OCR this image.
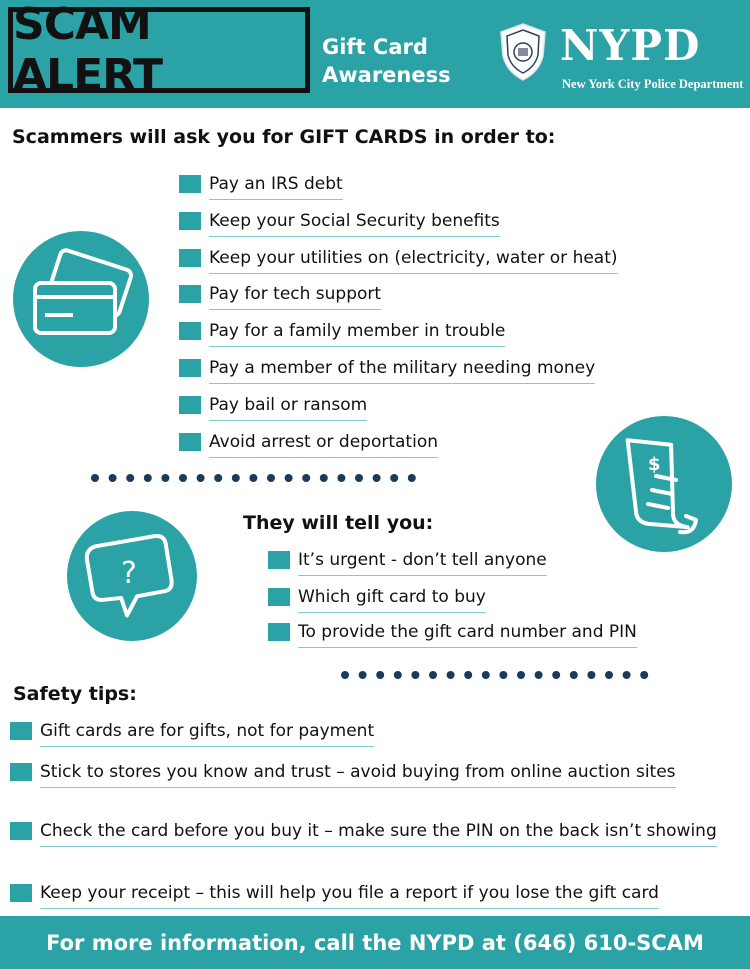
SCAM ALERT
Gift Card
Awareness
NYPD
New York City Police Department
Scammers will ask you for GIFT CARDS in order to:
Pay an IRS debt
Keep your Social Security benefits
Keep your utilities on (electricity, water or heat)
Pay for tech support
Pay for a family member in trouble
Pay a member of the military needing money
Pay bail or ransom
Avoid arrest or deportation
$
They will tell you:
It’s urgent - don’t tell anyone
Which gift card to buy
To provide the gift card number and PIN
?
Safety tips:
Gift cards are for gifts, not for payment
Stick to stores you know and trust – avoid buying from online auction sites
Check the card before you buy it – make sure the PIN on the back isn’t showing
Keep your receipt – this will help you file a report if you lose the gift card
For more information, call the NYPD at (646) 610-SCAM
